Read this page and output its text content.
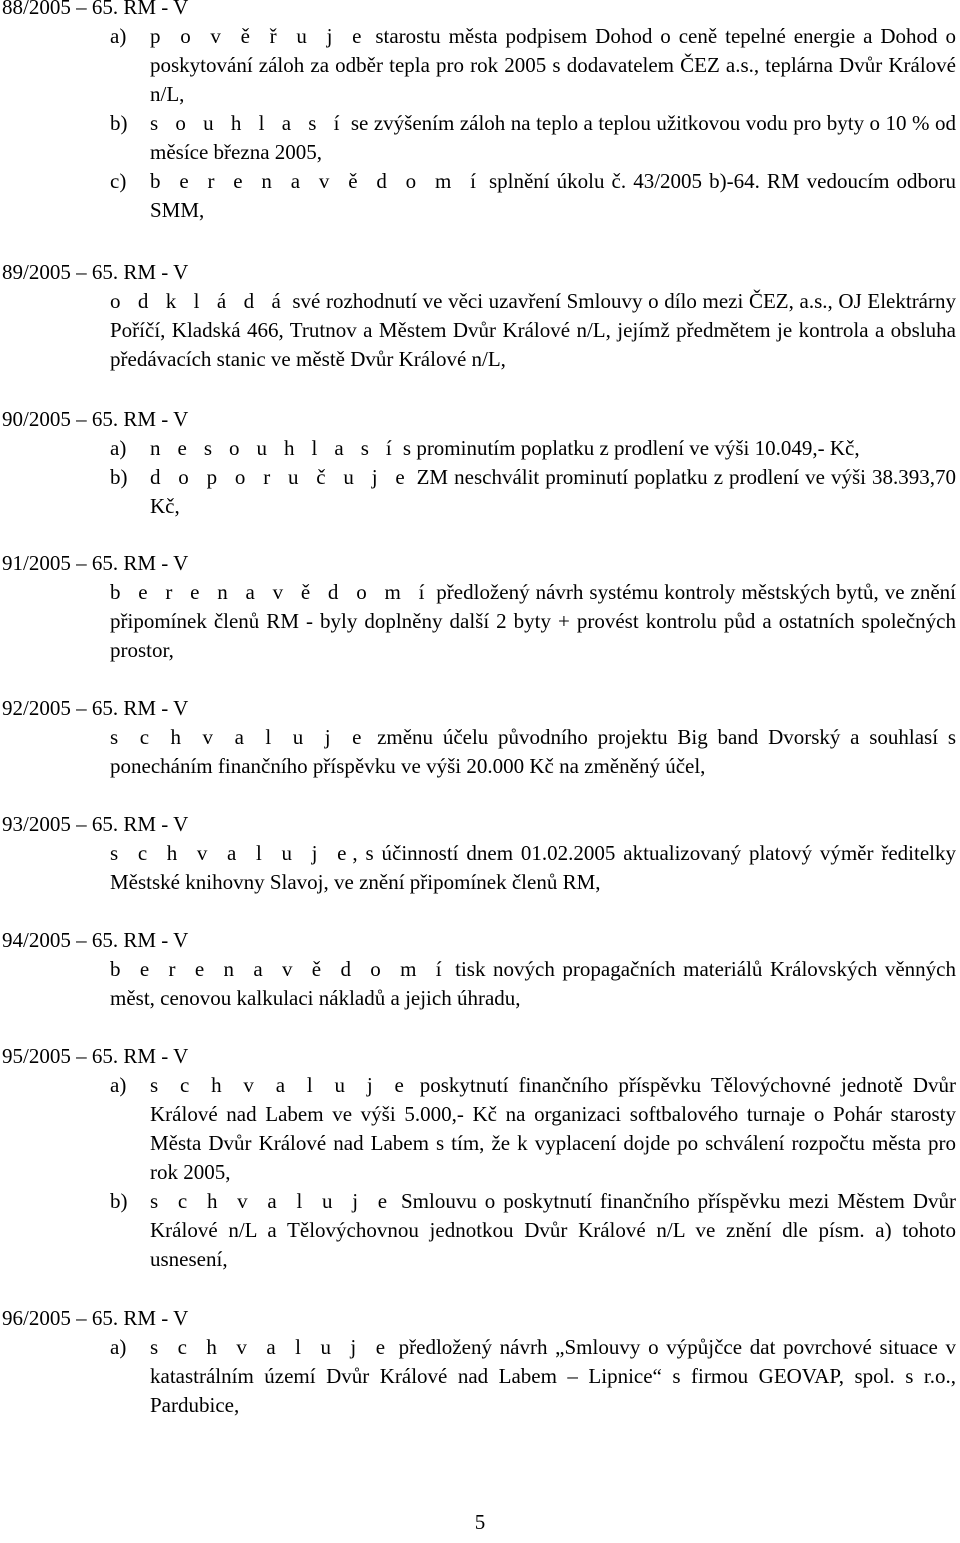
88/2005 – 65. RM - V
a) p o v ě ř u j e starostu města podpisem Dohod o ceně tepelné energie a Dohod o poskytování záloh za odběr tepla pro rok 2005 s dodavatelem ČEZ a.s., teplárna Dvůr Králové n/L,
b) s o u h l a s í se zvýšením záloh na teplo a teplou užitkovou vodu pro byty o 10 % od měsíce března 2005,
c) b e r e n a v ě d o m í splnění úkolu č. 43/2005 b)-64. RM vedoucím odboru SMM,
89/2005 – 65. RM - V
o d k l á d á své rozhodnutí ve věci uzavření Smlouvy o dílo mezi ČEZ, a.s., OJ Elektrárny Poříčí, Kladská 466, Trutnov a Městem Dvůr Králové n/L, jejímž předmětem je kontrola a obsluha předávacích stanic ve městě Dvůr Králové n/L,
90/2005 – 65. RM - V
a) n e s o u h l a s í s prominutím poplatku z prodlení ve výši 10.049,- Kč,
b) d o p o r u č u j e ZM neschválit prominutí poplatku z prodlení ve výši 38.393,70 Kč,
91/2005 – 65. RM - V
b e r e n a v ě d o m í předložený návrh systému kontroly městských bytů, ve znění připomínek členů RM - byly doplněny další 2 byty + provést kontrolu půd a ostatních společných prostor,
92/2005 – 65. RM - V
s c h v a l u j e změnu účelu původního projektu Big band Dvorský a souhlasí s ponecháním finančního příspěvku ve výši 20.000 Kč na změněný účel,
93/2005 – 65. RM - V
s c h v a l u j e, s účinností dnem 01.02.2005 aktualizovaný platový výměr ředitelky Městské knihovny Slavoj, ve znění připomínek členů RM,
94/2005 – 65. RM - V
b e r e n a v ě d o m í tisk nových propagačních materiálů Královských věnných měst, cenovou kalkulaci nákladů a jejich úhradu,
95/2005 – 65. RM - V
a) s c h v a l u j e poskytnutí finančního příspěvku Tělovýchovné jednotě Dvůr Králové nad Labem ve výši 5.000,- Kč na organizaci softbalového turnaje o Pohár starosty Města Dvůr Králové nad Labem s tím, že k vyplacení dojde po schválení rozpočtu města pro rok 2005,
b) s c h v a l u j e Smlouvu o poskytnutí finančního příspěvku mezi Městem Dvůr Králové n/L a Tělovýchovnou jednotkou Dvůr Králové n/L ve znění dle písm. a) tohoto usnesení,
96/2005 – 65. RM - V
a) s c h v a l u j e předložený návrh „Smlouvy o výpůjčce dat povrchové situace v katastrálním území Dvůr Králové nad Labem – Lipnice“ s firmou GEOVAP, spol. s r.o., Pardubice,
5
